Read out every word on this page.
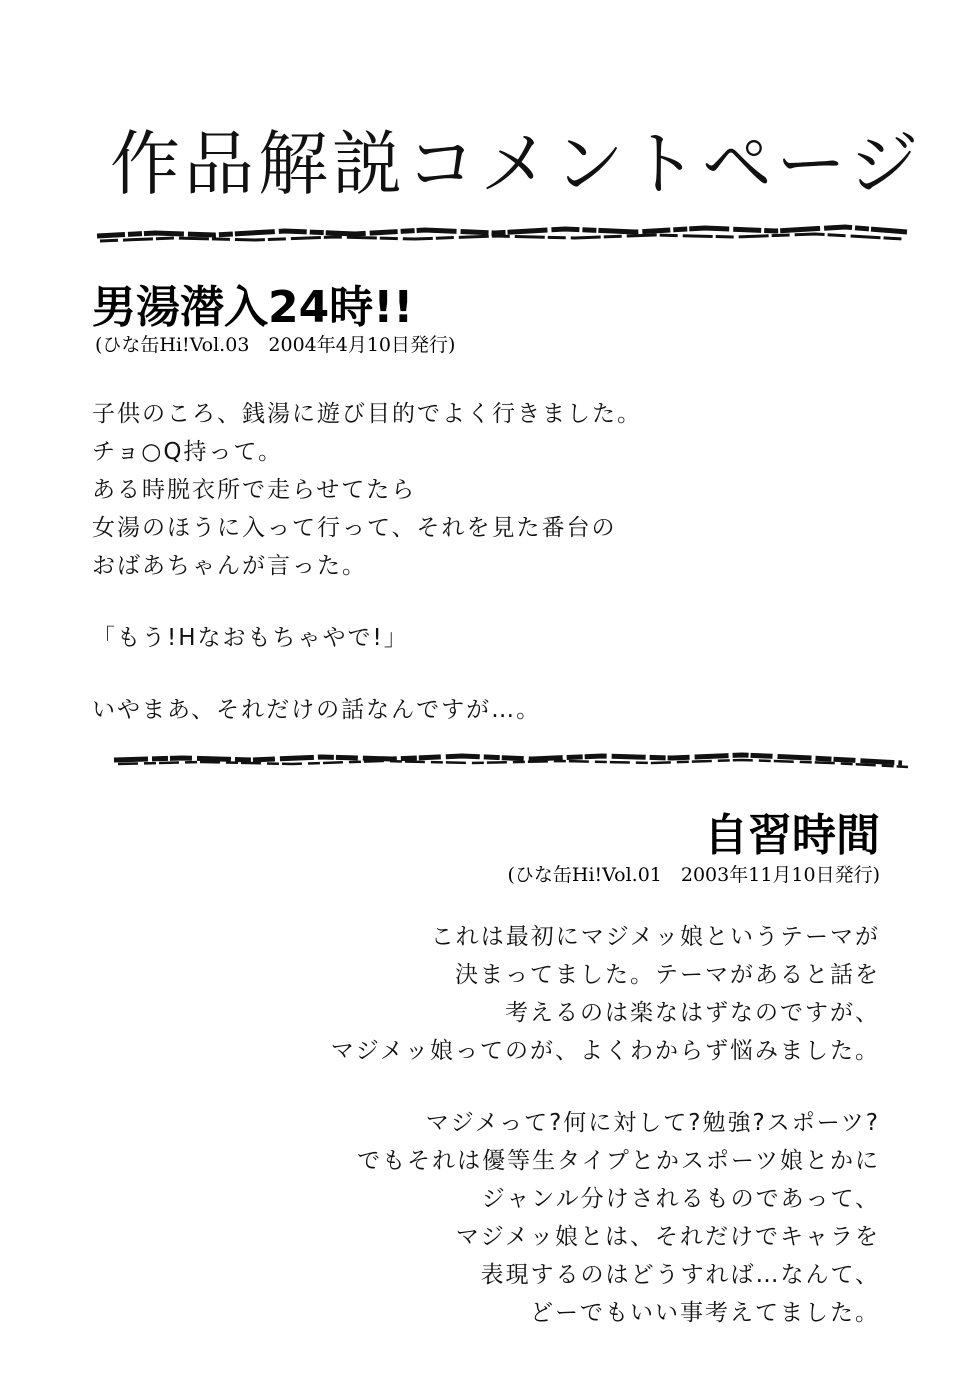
作品解説コメントページ
男湯潜入24時!!
(ひな缶Hi!Vol.03　2004年4月10日発行)
子供のころ、銭湯に遊び目的でよく行きました。
チョ○Q持って。
ある時脱衣所で走らせてたら
女湯のほうに入って行って、それを見た番台の
おばあちゃんが言った。
「もう!Hなおもちゃやで!」
いやまあ、それだけの話なんですが…。
自習時間
(ひな缶Hi!Vol.01　2003年11月10日発行)
これは最初にマジメッ娘というテーマが
決まってました。テーマがあると話を
考えるのは楽なはずなのですが、
マジメッ娘ってのが、よくわからず悩みました。
マジメって?何に対して?勉強?スポーツ?
でもそれは優等生タイプとかスポーツ娘とかに
ジャンル分けされるものであって、
マジメッ娘とは、それだけでキャラを
表現するのはどうすれば…なんて、
どーでもいい事考えてました。
